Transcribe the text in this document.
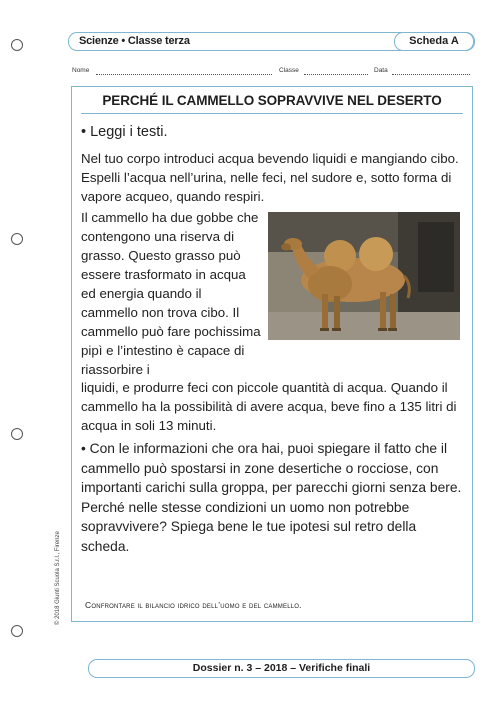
Scienze • Classe terza	Scheda A
Nome	Classe	Data
PERCHÉ IL CAMMELLO SOPRAVVIVE NEL DESERTO
• Leggi i testi.
Nel tuo corpo introduci acqua bevendo liquidi e mangiando cibo. Espelli l’acqua nell’urina, nelle feci, nel sudore e, sotto forma di vapore acqueo, quando respiri.
Il cammello ha due gobbe che contengono una riserva di grasso. Questo grasso può essere trasformato in acqua ed energia quando il cammello non trova cibo. Il cammello può fare pochissima pipì e l’intestino è capace di riassorbire i
liquidi, e produrre feci con piccole quantità di acqua. Quando il cammello ha la possibilità di avere acqua, beve fino a 135 litri di acqua in soli 13 minuti.
• Con le informazioni che ora hai, puoi spiegare il fatto che il cammello può spostarsi in zone desertiche o rocciose, con importanti carichi sulla groppa, per parecchi giorni senza bere. Perché nelle stesse condizioni un uomo non potrebbe sopravvivere? Spiega bene le tue ipotesi sul retro della scheda.
Confrontare il bilancio idrico dell’uomo e del cammello.
© 2018 Giunti Scuola S.r.l., Firenze
Dossier n. 3 – 2018 – Verifiche finali
